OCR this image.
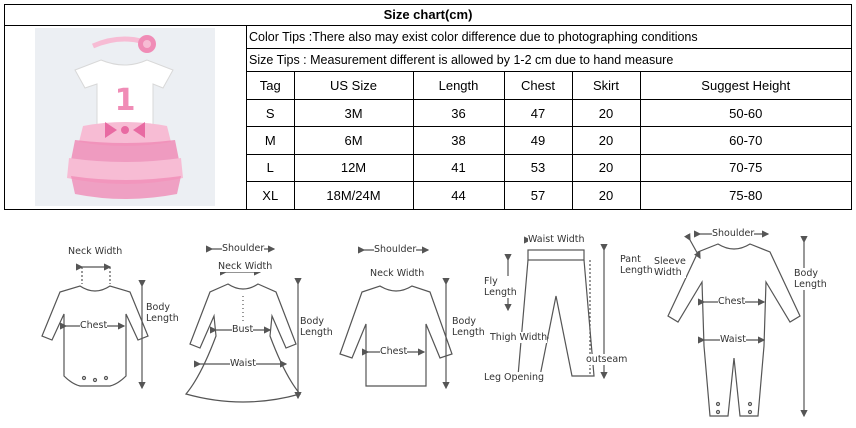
Size chart(cm)
1
Color Tips :There also may exist color difference due to photographing conditions
Size Tips : Measurement different is allowed by 1-2 cm due to hand measure
Tag	US Size	Length	Chest	Skirt	Suggest Height
S	3M	36	47	20	50-60
M	6M	38	49	20	60-70
L	12M	41	53	20	70-75
XL	18M/24M	44	57	20	75-80
Neck Width
Chest
Body
Length
Shoulder
Neck Width
Bust
Waist
Body
Length
Shoulder
Neck Width
Chest
Body
Length
Waist Width
Fly
Length
Thigh Width
Leg Opening
Pant
Length
outseam
Shoulder
Sleeve
Width
Chest
Waist
Body
Length
